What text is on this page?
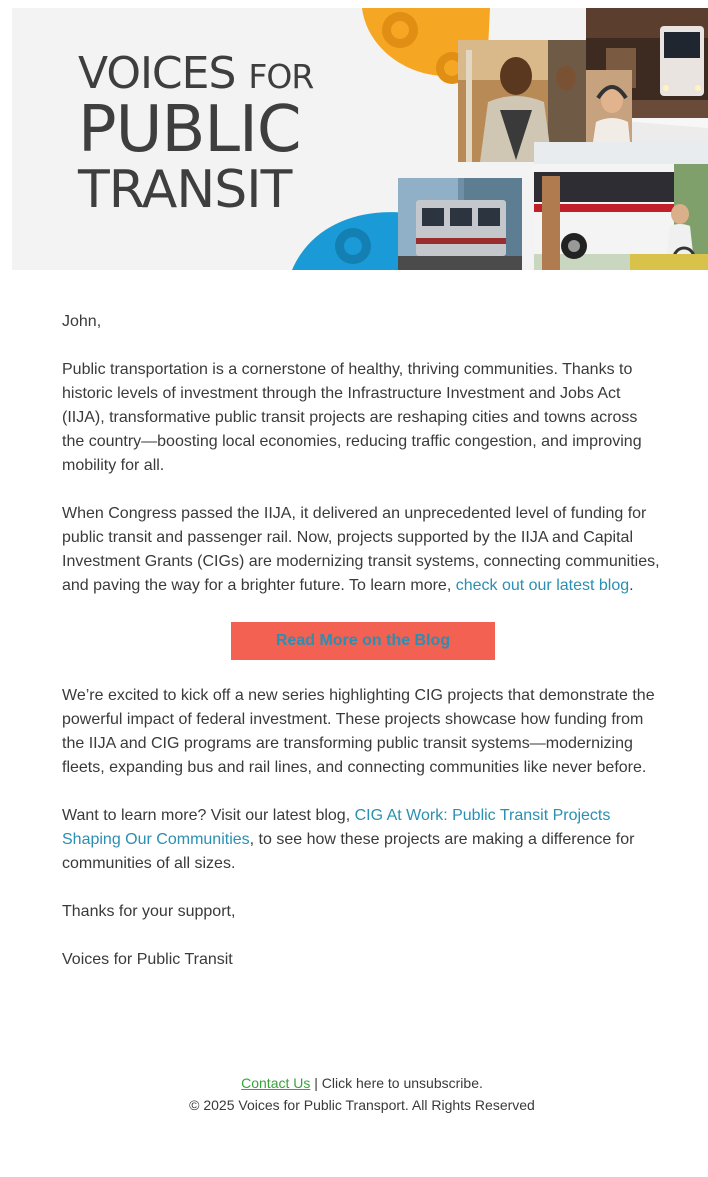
VOICES FOR
PUBLIC
TRANSIT

John,

Public transportation is a cornerstone of healthy, thriving communities. Thanks to historic levels of investment through the Infrastructure Investment and Jobs Act (IIJA), transformative public transit projects are reshaping cities and towns across the country—boosting local economies, reducing traffic congestion, and improving mobility for all.

When Congress passed the IIJA, it delivered an unprecedented level of funding for public transit and passenger rail. Now, projects supported by the IIJA and Capital Investment Grants (CIGs) are modernizing transit systems, connecting communities, and paving the way for a brighter future. To learn more, check out our latest blog.

Read More on the Blog

We’re excited to kick off a new series highlighting CIG projects that demonstrate the powerful impact of federal investment. These projects showcase how funding from the IIJA and CIG programs are transforming public transit systems—modernizing fleets, expanding bus and rail lines, and connecting communities like never before.

Want to learn more? Visit our latest blog, CIG At Work: Public Transit Projects Shaping Our Communities, to see how these projects are making a difference for communities of all sizes.

Thanks for your support,

Voices for Public Transit

Contact Us | Click here to unsubscribe.
© 2025 Voices for Public Transport. All Rights Reserved
